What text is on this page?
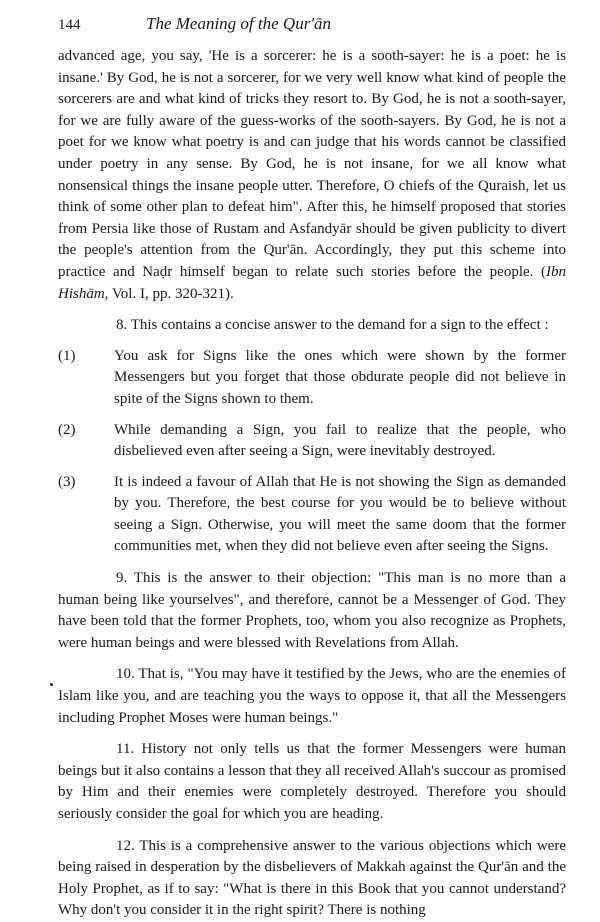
144	The Meaning of the Qur'ān

advanced age, you say, 'He is a sorcerer: he is a sooth-sayer: he is a poet: he is insane.' By God, he is not a sorcerer, for we very well know what kind of people the sorcerers are and what kind of tricks they resort to. By God, he is not a sooth-sayer, for we are fully aware of the guess-works of the sooth-sayers. By God, he is not a poet for we know what poetry is and can judge that his words cannot be classified under poetry in any sense. By God, he is not insane, for we all know what nonsensical things the insane people utter. Therefore, O chiefs of the Quraish, let us think of some other plan to defeat him". After this, he himself proposed that stories from Persia like those of Rustam and Asfandyār should be given publicity to divert the people's attention from the Qur'ān. Accordingly, they put this scheme into practice and Naḍr himself began to relate such stories before the people. (Ibn Hishām, Vol. I, pp. 320-321).

8. This contains a concise answer to the demand for a sign to the effect :

(1)	You ask for Signs like the ones which were shown by the former Messengers but you forget that those obdurate people did not believe in spite of the Signs shown to them.
(2)	While demanding a Sign, you fail to realize that the people, who disbelieved even after seeing a Sign, were inevitably destroyed.
(3)	It is indeed a favour of Allah that He is not showing the Sign as demanded by you. Therefore, the best course for you would be to believe without seeing a Sign. Otherwise, you will meet the same doom that the former communities met, when they did not believe even after seeing the Signs.

9. This is the answer to their objection: "This man is no more than a human being like yourselves", and therefore, cannot be a Messenger of God. They have been told that the former Prophets, too, whom you also recognize as Prophets, were human beings and were blessed with Revelations from Allah.

10. That is, "You may have it testified by the Jews, who are the enemies of Islam like you, and are teaching you the ways to oppose it, that all the Messengers including Prophet Moses were human beings."

11. History not only tells us that the former Messengers were human beings but it also contains a lesson that they all received Allah's succour as promised by Him and their enemies were completely destroyed. Therefore you should seriously consider the goal for which you are heading.

12. This is a comprehensive answer to the various objections which were being raised in desperation by the disbelievers of Makkah against the Qur'ān and the Holy Prophet, as if to say: "What is there in this Book that you cannot understand? Why don't you consider it in the right spirit? There is nothing
